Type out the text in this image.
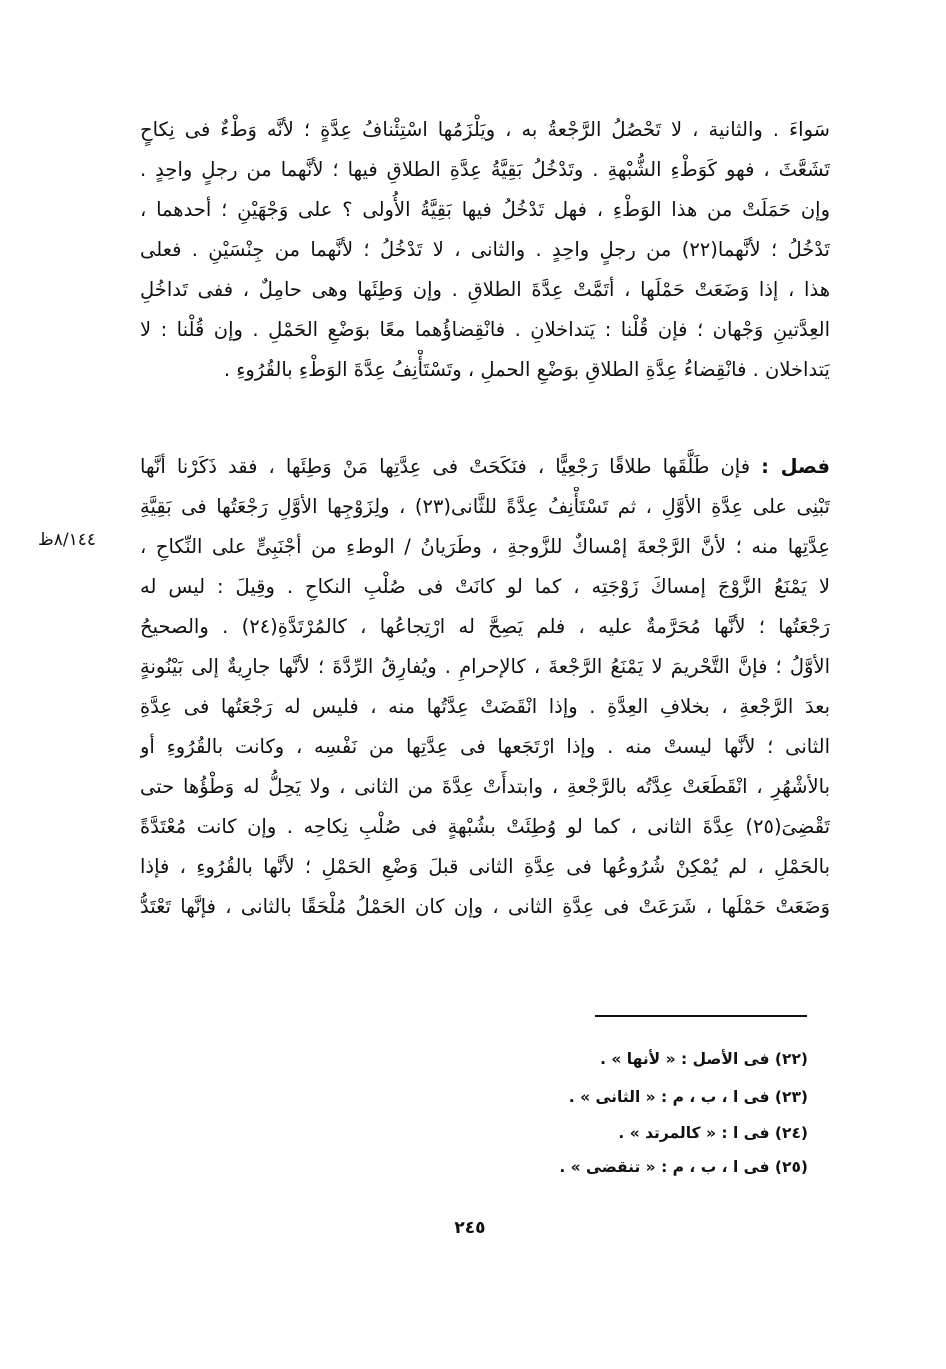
سَواءَ . والثانية ، لا تَحْصُلُ الرَّجْعةُ به ، ويَلْزَمُها اسْتِئْنافُ عِدَّةٍ ؛ لأنَّه وَطْءٌ فى نِكاحٍ
تَشَعَّثَ ، فهو كَوَطْءِ الشُّبْهةِ . وتَدْخُلُ بَقِيَّةُ عِدَّةِ الطلاقِ فيها ؛ لأنَّهما من رجلٍ واحِدٍ .
وإن حَمَلَتْ من هذا الوَطْءِ ، فهل تَدْخُلُ فيها بَقِيَّةُ الأُولى ؟ على وَجْهَيْنِ ؛ أحدهما ،
تَدْخُلُ ؛ لأنَّهما(٢٢) من رجلٍ واحِدٍ . والثانى ، لا تَدْخُلُ ؛ لأنَّهما من جِنْسَيْنِ . فعلى
هذا ، إذا وَضَعَتْ حَمْلَها ، أتَمَّتْ عِدَّةَ الطلاقِ . وإن وَطِئَها وهى حامِلٌ ، ففى تَداخُلِ
العِدَّتينِ وَجْهان ؛ فإن قُلْنا : يَتداخلانِ . فانْقِضاؤُهما معًا بوَضْعِ الحَمْلِ . وإن قُلْنا : لا
يَتداخلان . فانْقِضاءُ عِدَّةِ الطلاقِ بوَضْعِ الحملِ ، وتَسْتَأْنِفُ عِدَّةَ الوَطْءِ بالقُرُوءِ .
فصل : فإن طَلَّقَها طلاقًا رَجْعِيًّا ، فنَكَحَتْ فى عِدَّتِها مَنْ وَطِئَها ، فقد ذَكَرْنا أنَّها
تَبْنِى على عِدَّةِ الأوَّلِ ، ثم تَسْتَأْنِفُ عِدَّةً للثَّانى(٢٣) ، ولِزَوْجِها الأوَّلِ رَجْعَتُها فى بَقِيَّةِ
عِدَّتِها منه ؛ لأنَّ الرَّجْعةَ إمْساكٌ للزَّوجةِ ، وطَرَيانُ / الوطءِ من أجْنَبِىٍّ على النِّكاحِ ،
لا يَمْنَعُ الزَّوْجَ إمساكَ زَوْجَتِه ، كما لو كانَتْ فى صُلْبِ النكاحِ . وقِيلَ : ليس له
رَجْعَتُها ؛ لأنَّها مُحَرَّمةٌ عليه ، فلم يَصِحَّ له ارْتِجاعُها ، كالمُرْتَدَّةِ(٢٤) . والصحيحُ
الأوَّلُ ؛ فإنَّ التَّحْريمَ لا يَمْنَعُ الرَّجْعةَ ، كالإحرامِ . ويُفارِقُ الرِّدَّةَ ؛ لأنَّها جارِيةٌ إلى بَيْنُونةٍ
بعدَ الرَّجْعةِ ، بخلافِ العِدَّةِ . وإذا انْقَضَتْ عِدَّتُها منه ، فليس له رَجْعَتُها فى عِدَّةِ
الثانى ؛ لأنَّها ليستْ منه . وإذا ارْتَجَعها فى عِدَّتِها من نَفْسِه ، وكانت بالقُرُوءِ أو
بالأشْهُرِ ، انْقَطَعَتْ عِدَّتُه بالرَّجْعةِ ، وابتدأَتْ عِدَّةَ من الثانى ، ولا يَحِلُّ له وَطْؤُها حتى
تَقْضِىَ(٢٥) عِدَّةَ الثانى ، كما لو وُطِئَتْ بشُبْهةٍ فى صُلْبِ نِكاحِه . وإن كانت مُعْتَدَّةً
بالحَمْلِ ، لم يُمْكِنْ شُرُوعُها فى عِدَّةِ الثانى قبلَ وَضْعِ الحَمْلِ ؛ لأنَّها بالقُرُوءِ ، فإذا
وَضَعَتْ حَمْلَها ، شَرَعَتْ فى عِدَّةِ الثانى ، وإن كان الحَمْلُ مُلْحَقًا بالثانى ، فإنَّها تَعْتَدُّ
٨/١٤٤ظ
(٢٢) فى الأصل : « لأنها » .
(٢٣) فى ا ، ب ، م : « الثانى » .
(٢٤) فى ا : « كالمرتد » .
(٢٥) فى ا ، ب ، م : « تنقضى » .
٢٤٥
